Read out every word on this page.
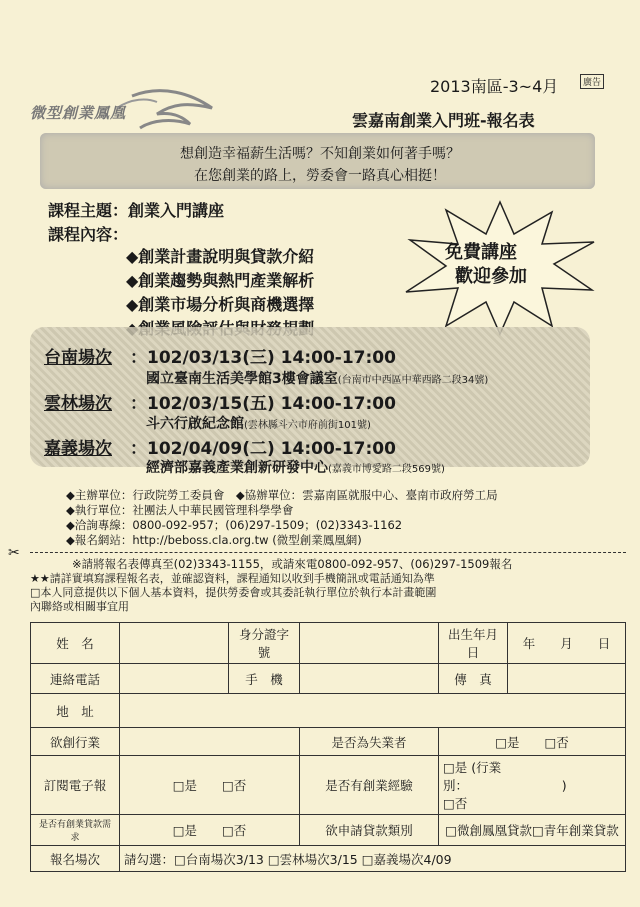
微型創業鳳凰
2013南區-3~4月	廣告
雲嘉南創業入門班-報名表
想創造幸福薪生活嗎？不知創業如何著手嗎？
在您創業的路上，勞委會一路真心相挺！
課程主題：創業入門講座
課程內容：
◆創業計畫說明與貸款介紹
◆創業趨勢與熱門產業解析
◆創業市場分析與商機選擇
免費講座
歡迎參加
台南場次 ：102/03/13(三) 14:00-17:00
國立臺南生活美學館3樓會議室(台南市中西區中華西路二段34號)
雲林場次 ：102/03/15(五) 14:00-17:00
斗六行啟紀念館(雲林縣斗六市府前街101號)
嘉義場次 ：102/04/09(二) 14:00-17:00
經濟部嘉義產業創新研發中心(嘉義市博愛路二段569號)
◆主辦單位：行政院勞工委員會　 ◆協辦單位：雲嘉南區就服中心、臺南市政府勞工局
◆執行單位：社團法人中華民國管理科學學會
◆洽詢專線：0800-092-957；(06)297-1509；(02)3343-1162
◆報名網站：http://beboss.cla.org.tw (微型創業鳳凰網)
✂
※請將報名表傳真至(02)3343-1155，或請來電0800-092-957、(06)297-1509報名
★★請詳實填寫課程報名表，並確認資料，課程通知以收到手機簡訊或電話通知為準
□本人同意提供以下個人基本資料，提供勞委會或其委託執行單位於執行本計畫範圍
內聯絡或相關事宜用
姓　名		身分證字號		出生年月日	年　　月　　日
連絡電話		手　機		傳　真	
地　址					
欲創行業			是否為失業者	□是　　□否	
訂閱電子報	□是　　□否		是否有創業經驗	□是 (行業別：　　　　　　　　)
□否	

是否有創業貸款需求	□是　　□否		欲申請貸款類別	□微創鳳凰貸款□青年創業貸款	
報名場次	請勾選：□台南場次3/13 □雲林場次3/15 □嘉義場次4/09				
